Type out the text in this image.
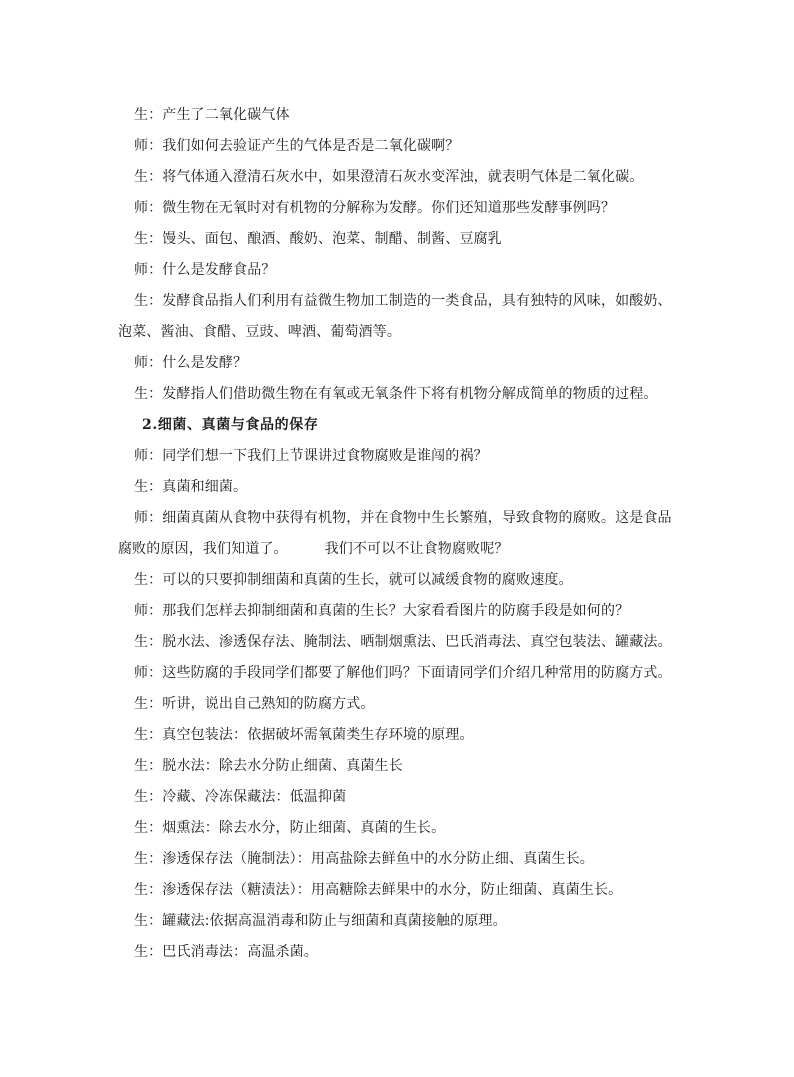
生：产生了二氧化碳气体
师：我们如何去验证产生的气体是否是二氧化碳啊？
生：将气体通入澄清石灰水中，如果澄清石灰水变浑浊，就表明气体是二氧化碳。
师：微生物在无氧时对有机物的分解称为发酵。你们还知道那些发酵事例吗？
生：馒头、面包、酿酒、酸奶、泡菜、制醋、制酱、豆腐乳
师：什么是发酵食品？
生：发酵食品指人们利用有益微生物加工制造的一类食品，具有独特的风味，如酸奶、
泡菜、酱油、食醋、豆豉、啤酒、葡萄酒等。
师：什么是发酵？
生：发酵指人们借助微生物在有氧或无氧条件下将有机物分解成简单的物质的过程。
2.细菌、真菌与食品的保存
师：同学们想一下我们上节课讲过食物腐败是谁闯的祸？
生：真菌和细菌。
师：细菌真菌从食物中获得有机物，并在食物中生长繁殖，导致食物的腐败。这是食品
腐败的原因，我们知道了。        我们不可以不让食物腐败呢？
生：可以的只要抑制细菌和真菌的生长，就可以减缓食物的腐败速度。
师：那我们怎样去抑制细菌和真菌的生长？大家看看图片的防腐手段是如何的？
生：脱水法、渗透保存法、腌制法、晒制烟熏法、巴氏消毒法、真空包装法、罐藏法。
师：这些防腐的手段同学们都要了解他们吗？下面请同学们介绍几种常用的防腐方式。
生：听讲，说出自己熟知的防腐方式。
生：真空包装法：依据破坏需氧菌类生存环境的原理。
生：脱水法：除去水分防止细菌、真菌生长
生：冷藏、冷冻保藏法：低温抑菌
生：烟熏法：除去水分，防止细菌、真菌的生长。
生：渗透保存法（腌制法）：用高盐除去鲜鱼中的水分防止细、真菌生长。
生：渗透保存法（糖渍法）：用高糖除去鲜果中的水分，防止细菌、真菌生长。
生：罐藏法:依据高温消毒和防止与细菌和真菌接触的原理。
生：巴氏消毒法：高温杀菌。
